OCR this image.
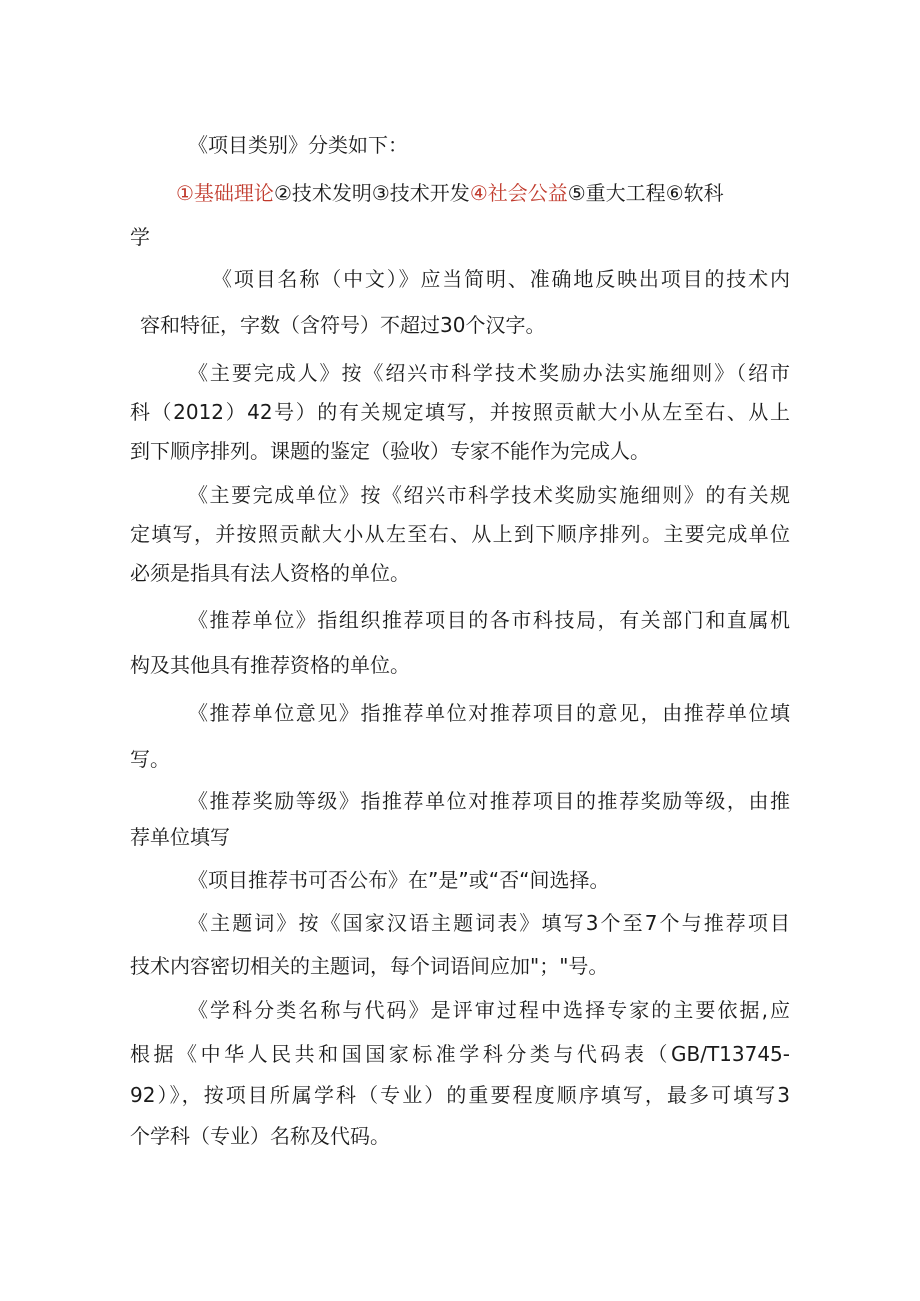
《项目类别》分类如下：
①基础理论②技术发明③技术开发④社会公益⑤重大工程⑥软科
学
《项目名称（中文）》应当简明、准确地反映出项目的技术内
容和特征，字数（含符号）不超过30个汉字。
《主要完成人》按《绍兴市科学技术奖励办法实施细则》（绍市
科（2012）42号）的有关规定填写，并按照贡献大小从左至右、从上
到下顺序排列。课题的鉴定（验收）专家不能作为完成人。
《主要完成单位》按《绍兴市科学技术奖励实施细则》的有关规
定填写，并按照贡献大小从左至右、从上到下顺序排列。主要完成单位
必须是指具有法人资格的单位。
《推荐单位》指组织推荐项目的各市科技局，有关部门和直属机
构及其他具有推荐资格的单位。
《推荐单位意见》指推荐单位对推荐项目的意见，由推荐单位填
写。
《推荐奖励等级》指推荐单位对推荐项目的推荐奖励等级，由推
荐单位填写
《项目推荐书可否公布》在”是”或“否“间选择。
《主题词》按《国家汉语主题词表》填写3个至7个与推荐项目
技术内容密切相关的主题词，每个词语间应加"；"号。
《学科分类名称与代码》是评审过程中选择专家的主要依据,应
根据《中华人民共和国国家标准学科分类与代码表（GB/T13745-
92）》，按项目所属学科（专业）的重要程度顺序填写，最多可填写3
个学科（专业）名称及代码。
